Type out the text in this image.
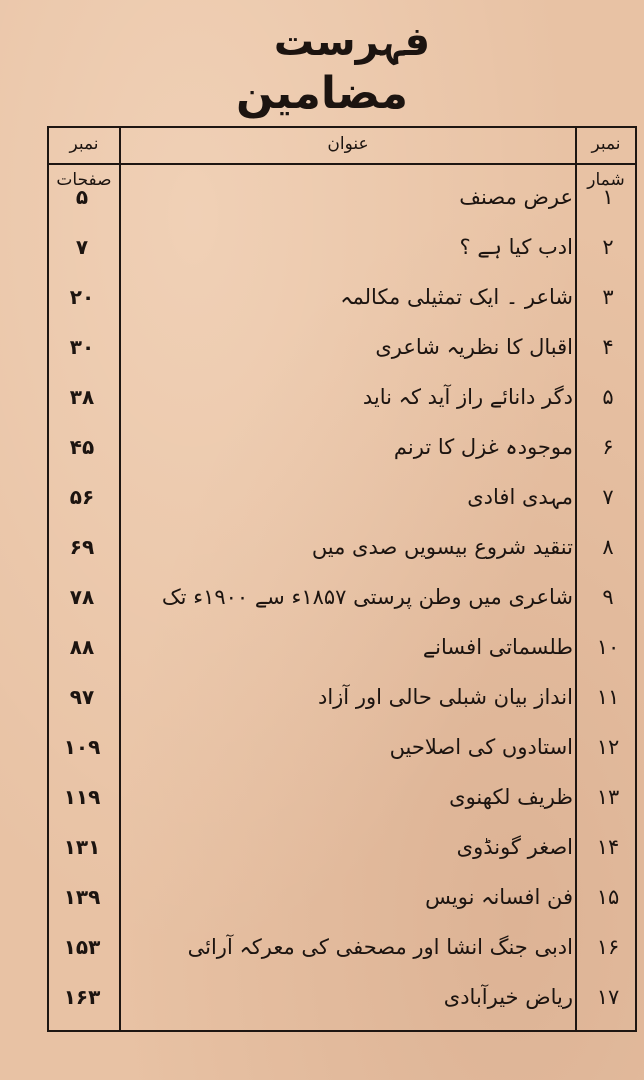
فہرست
مضامین
نمبر شمار
عنوان
نمبر صفحات
۱
عرض مصنف
۵
۲
ادب کیا ہے ؟
۷
۳
شاعر ۔ ایک تمثیلی مکالمہ
۲۰
۴
اقبال کا نظریہ شاعری
۳۰
۵
دگر دانائے راز آید کہ ناید
۳۸
۶
موجودہ غزل کا ترنم
۴۵
۷
مہدی افادی
۵۶
۸
تنقید شروع بیسویں صدی میں
۶۹
۹
شاعری میں وطن پرستی ۱۸۵۷ء سے ۱۹۰۰ء تک
۷۸
۱۰
طلسماتی افسانے
۸۸
۱۱
انداز بیان شبلی حالی اور آزاد
۹۷
۱۲
استادوں کی اصلاحیں
۱۰۹
۱۳
ظریف لکھنوی
۱۱۹
۱۴
اصغر گونڈوی
۱۳۱
۱۵
فن افسانہ نویس
۱۳۹
۱۶
ادبی جنگ انشا اور مصحفی کی معرکہ آرائی
۱۵۳
۱۷
ریاض خیرآبادی
۱۶۳
